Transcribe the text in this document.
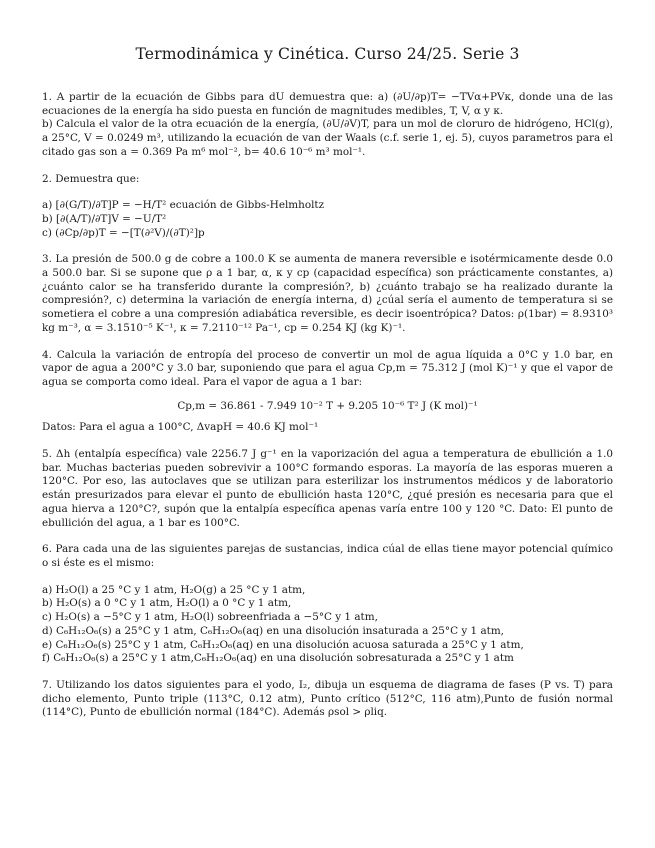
Termodinámica y Cinética. Curso 24/25. Serie 3

1. A partir de la ecuación de Gibbs para dU demuestra que: a) (∂U/∂p)T= −TVα+PVκ, donde una de las ecuaciones de la energía ha sido puesta en función de magnitudes medibles, T, V, α y κ.

b) Calcula el valor de la otra ecuación de la energía, (∂U/∂V)T, para un mol de cloruro de hidrógeno, HCl(g), a 25°C, V = 0.0249 m³, utilizando la ecuación de van der Waals (c.f. serie 1, ej. 5), cuyos parametros para el citado gas son a = 0.369 Pa m⁶ mol⁻², b= 40.6 10⁻⁶ m³ mol⁻¹.

2. Demuestra que:

a) [∂(G/T)/∂T]P = −H/T² ecuación de Gibbs-Helmholtz

b) [∂(A/T)/∂T]V = −U/T²

c) (∂Cp/∂p)T = −[T(∂²V)/(∂T)²]p

3. La presión de 500.0 g de cobre a 100.0 K se aumenta de manera reversible e isotérmicamente desde 0.0 a 500.0 bar. Si se supone que ρ a 1 bar, α, κ y cp (capacidad específica) son prácticamente constantes, a) ¿cuánto calor se ha transferido durante la compresión?, b) ¿cuánto trabajo se ha realizado durante la compresión?, c) determina la variación de energía interna, d) ¿cúal sería el aumento de temperatura si se sometiera el cobre a una compresión adiabática reversible, es decir isoentrópica? Datos: ρ(1bar) = 8.9310³ kg m⁻³, α = 3.1510⁻⁵ K⁻¹, κ = 7.2110⁻¹² Pa⁻¹, cp = 0.254 KJ (kg K)⁻¹.

4. Calcula la variación de entropía del proceso de convertir un mol de agua líquida a 0°C y 1.0 bar, en vapor de agua a 200°C y 3.0 bar, suponiendo que para el agua Cp,m = 75.312 J (mol K)⁻¹ y que el vapor de agua se comporta como ideal. Para el vapor de agua a 1 bar:

Cp,m = 36.861 - 7.949 10⁻² T + 9.205 10⁻⁶ T² J (K mol)⁻¹

Datos: Para el agua a 100°C, ΔvapH = 40.6 KJ mol⁻¹

5. Δh (entalpía específica) vale 2256.7 J g⁻¹ en la vaporización del agua a temperatura de ebullición a 1.0 bar. Muchas bacterias pueden sobrevivir a 100°C formando esporas. La mayoría de las esporas mueren a 120°C. Por eso, las autoclaves que se utilizan para esterilizar los instrumentos médicos y de laboratorio están presurizados para elevar el punto de ebullición hasta 120°C, ¿qué presión es necesaria para que el agua hierva a 120°C?, supón que la entalpía específica apenas varía entre 100 y 120 °C. Dato: El punto de ebullición del agua, a 1 bar es 100°C.

6. Para cada una de las siguientes parejas de sustancias, indica cúal de ellas tiene mayor potencial químico o si éste es el mismo:

a) H₂O(l) a 25 °C y 1 atm, H₂O(g) a 25 °C y 1 atm,

b) H₂O(s) a 0 °C y 1 atm, H₂O(l) a 0 °C y 1 atm,

c) H₂O(s) a −5°C y 1 atm, H₂O(l) sobreenfriada a −5°C y 1 atm,

d) C₆H₁₂O₆(s) a 25°C y 1 atm, C₆H₁₂O₆(aq) en una disolución insaturada a 25°C y 1 atm,

e) C₆H₁₂O₆(s) 25°C y 1 atm, C₆H₁₂O₆(aq) en una disolución acuosa saturada a 25°C y 1 atm,

f) C₆H₁₂O₆(s) a 25°C y 1 atm,C₆H₁₂O₆(aq) en una disolución sobresaturada a 25°C y 1 atm

7. Utilizando los datos siguientes para el yodo, I₂, dibuja un esquema de diagrama de fases (P vs. T) para dicho elemento, Punto triple (113°C, 0.12 atm), Punto crítico (512°C, 116 atm),Punto de fusión normal (114°C), Punto de ebullición normal (184°C). Además ρsol > ρliq.
